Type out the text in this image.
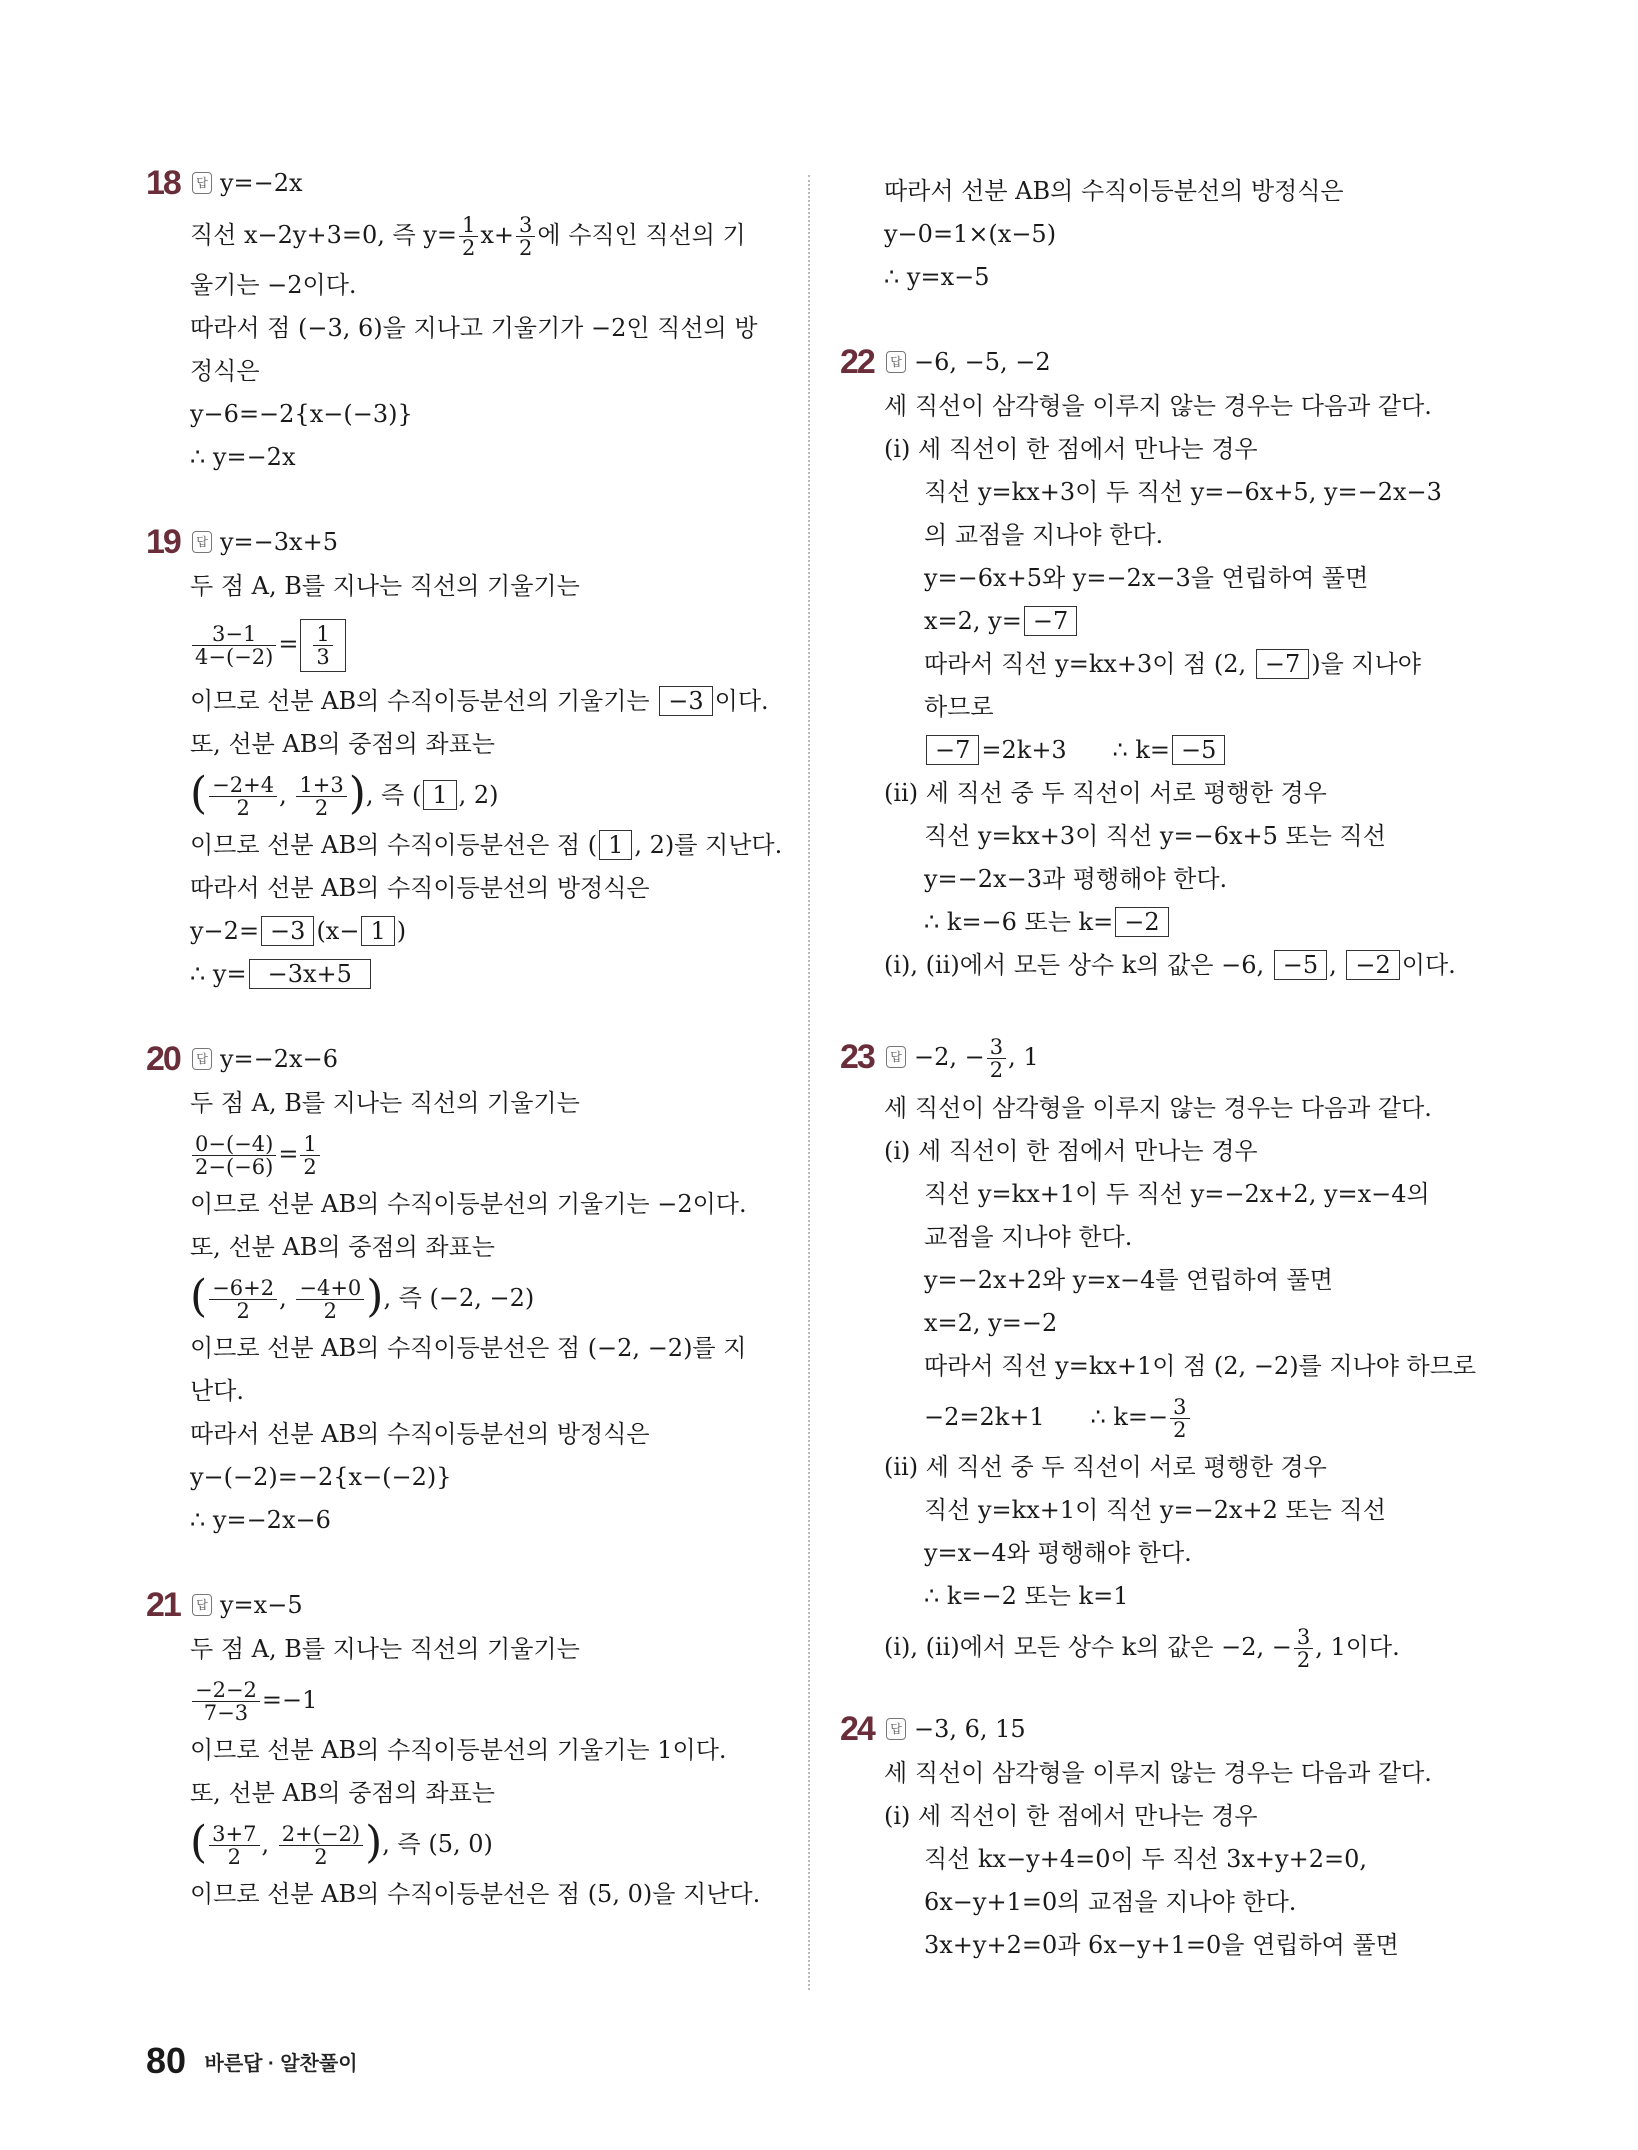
18	답 y=−2x
직선 x−2y+3=0, 즉 $y= \frac{1}{2} x+ \frac{3}{2}$ 에 수직인 직선의 기
울기는 −2이다.
따라서 점 (−3, 6)을 지나고 기울기가 −2인 직선의 방
정식은
y−6=−2{x−(−3)}
∴ y=−2x
19	답 y=−3x+5
두 점 A, B를 지나는 직선의 기울기는
$\frac{3-1}{4-(-2)} = \frac{1}{3}$
이므로 선분 AB의 수직이등분선의 기울기는 −3 이다.
또, 선분 AB의 중점의 좌표는
( $\frac{-2+4}{2}$ , $\frac{1+3}{2}$ ), 즉 ( 1 , 2)
이므로 선분 AB의 수직이등분선은 점 ( 1 , 2)를 지난다.
따라서 선분 AB의 수직이등분선의 방정식은
y−2= −3 (x− 1 )
∴ y= −3x+5
20	답 y=−2x−6
두 점 A, B를 지나는 직선의 기울기는
$\frac{0-(-4)}{2-(-6)} = \frac{1}{2}$
이므로 선분 AB의 수직이등분선의 기울기는 −2이다.
또, 선분 AB의 중점의 좌표는
( $\frac{-6+2}{2}$ , $\frac{-4+0}{2}$ ), 즉 (−2, −2)
이므로 선분 AB의 수직이등분선은 점 (−2, −2)를 지
난다.
따라서 선분 AB의 수직이등분선의 방정식은
y−(−2)=−2{x−(−2)}
∴ y=−2x−6
21	답 y=x−5
두 점 A, B를 지나는 직선의 기울기는
$\frac{-2-2}{7-3} =-1$
이므로 선분 AB의 수직이등분선의 기울기는 1이다.
또, 선분 AB의 중점의 좌표는
( $\frac{3+7}{2}$ , $\frac{2+(-2)}{2}$ ), 즉 (5, 0)
이므로 선분 AB의 수직이등분선은 점 (5, 0)을 지난다.
따라서 선분 AB의 수직이등분선의 방정식은
y−0=1×(x−5)
∴ y=x−5
22	답 −6, −5, −2
세 직선이 삼각형을 이루지 않는 경우는 다음과 같다.
(ⅰ) 세 직선이 한 점에서 만나는 경우
직선 y=kx+3이 두 직선 y=−6x+5, y=−2x−3
의 교점을 지나야 한다.
y=−6x+5와 y=−2x−3을 연립하여 풀면
x=2, y= −7
따라서 직선 y=kx+3이 점 (2, −7 )을 지나야
하므로
−7 =2k+3      ∴ k= −5
(ⅱ) 세 직선 중 두 직선이 서로 평행한 경우
직선 y=kx+3이 직선 y=−6x+5 또는 직선
y=−2x−3과 평행해야 한다.
∴ k=−6 또는 k= −2
(ⅰ), (ⅱ)에서 모든 상수 k의 값은 −6, −5 , −2 이다.
23	답 −2, − $\frac{3}{2}$ , 1
세 직선이 삼각형을 이루지 않는 경우는 다음과 같다.
(ⅰ) 세 직선이 한 점에서 만나는 경우
직선 y=kx+1이 두 직선 y=−2x+2, y=x−4의
교점을 지나야 한다.
y=−2x+2와 y=x−4를 연립하여 풀면
x=2, y=−2
따라서 직선 y=kx+1이 점 (2, −2)를 지나야 하므로
−2=2k+1      ∴ $k=- \frac{3}{2}$
(ⅱ) 세 직선 중 두 직선이 서로 평행한 경우
직선 y=kx+1이 직선 y=−2x+2 또는 직선
y=x−4와 평행해야 한다.
∴ k=−2 또는 k=1
(ⅰ), (ⅱ)에서 모든 상수 k의 값은 −2, − $\frac{3}{2}$ , 1이다.
24	답 −3, 6, 15
세 직선이 삼각형을 이루지 않는 경우는 다음과 같다.
(ⅰ) 세 직선이 한 점에서 만나는 경우
직선 kx−y+4=0이 두 직선 3x+y+2=0,
6x−y+1=0의 교점을 지나야 한다.
3x+y+2=0과 6x−y+1=0을 연립하여 풀면
80 바른답 · 알찬풀이
